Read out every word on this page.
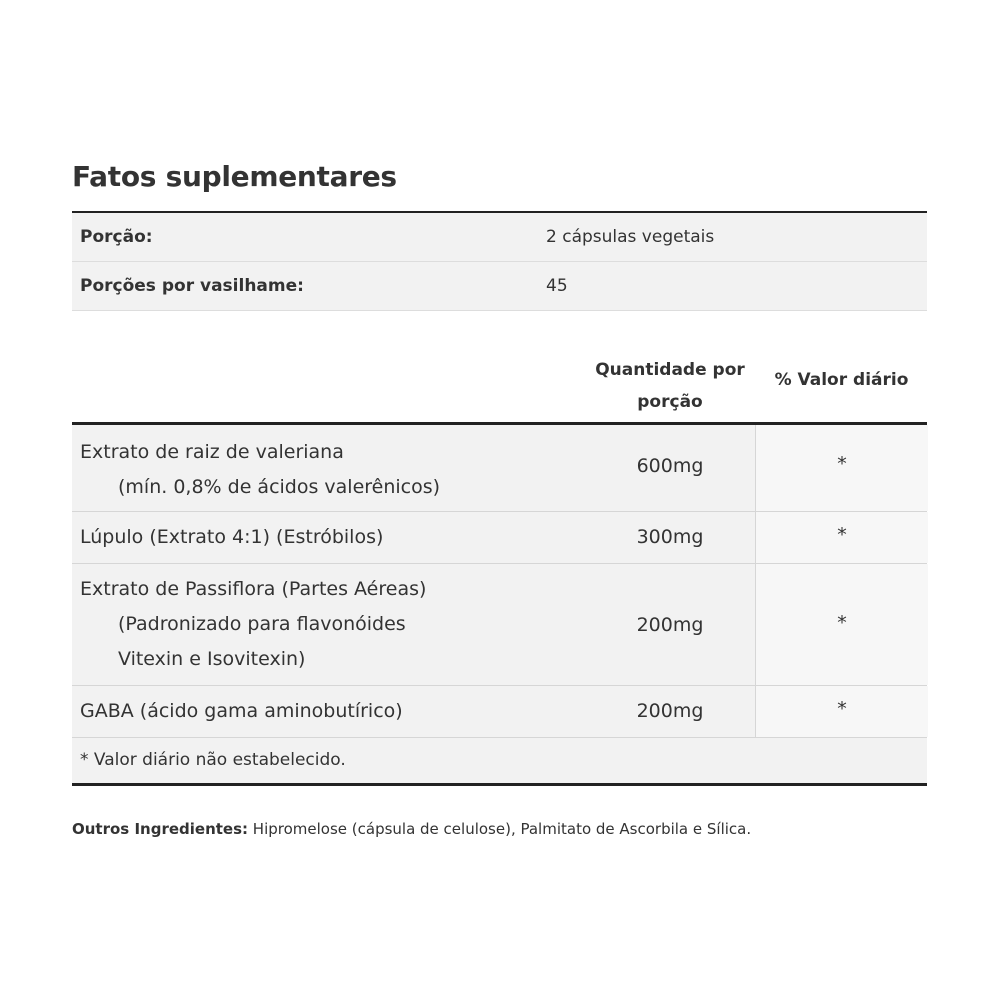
Fatos suplementares
Porção:	2 cápsulas vegetais
Porções por vasilhame:	45
Quantidade por
porção
% Valor diário
Extrato de raiz de valeriana
(mín. 0,8% de ácidos valerênicos)
600mg	*
Lúpulo (Extrato 4:1) (Estróbilos)	300mg	*
Extrato de Passiflora (Partes Aéreas)
(Padronizado para flavonóides
Vitexin e Isovitexin)
200mg	*
GABA (ácido gama aminobutírico)	200mg	*
* Valor diário não estabelecido.
Outros Ingredientes: Hipromelose (cápsula de celulose), Palmitato de Ascorbila e Sílica.
